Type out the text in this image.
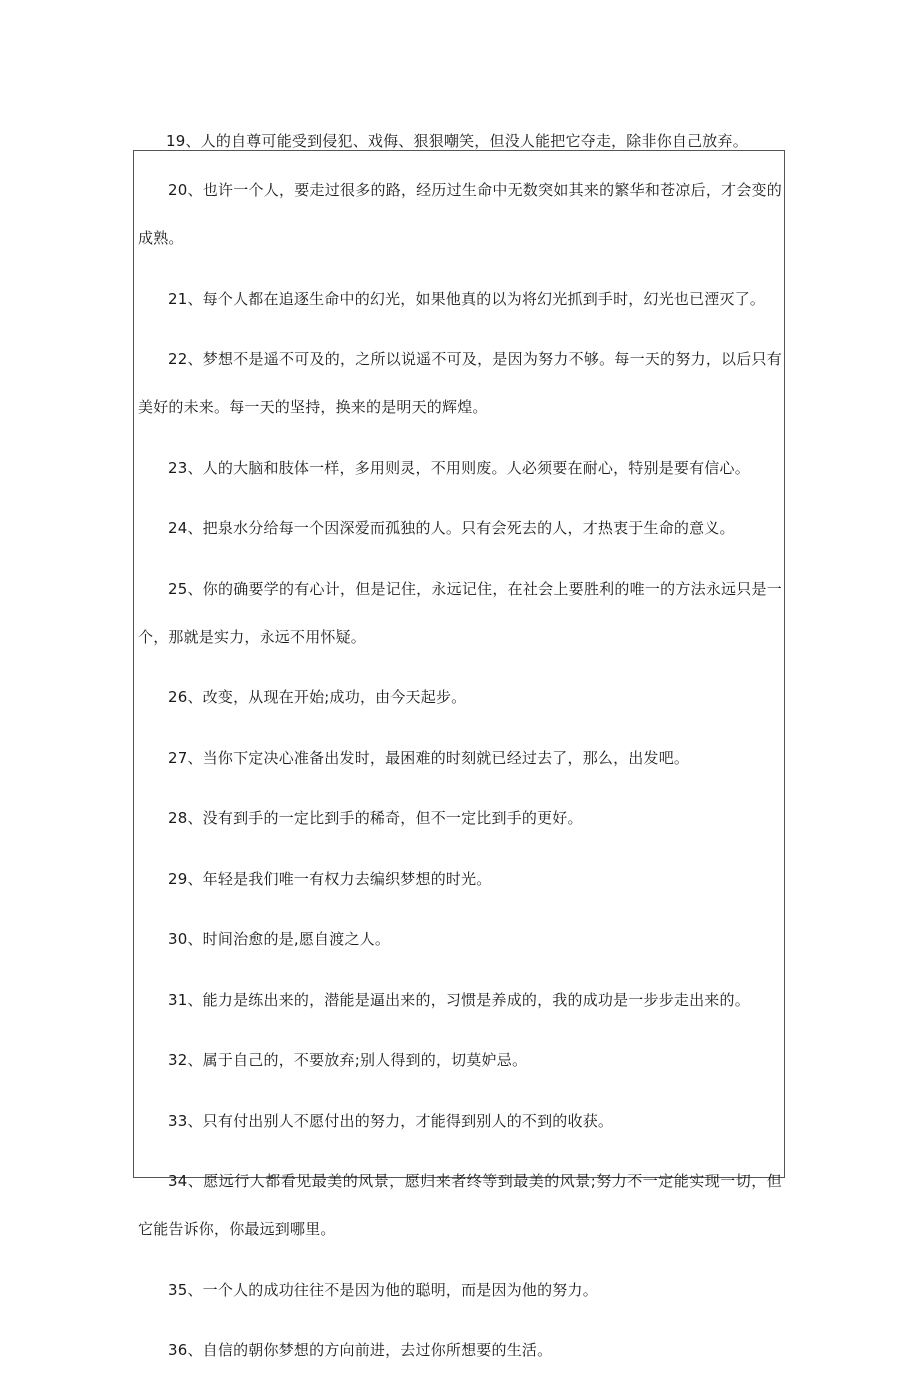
19、人的自尊可能受到侵犯、戏侮、狠狠嘲笑，但没人能把它夺走，除非你自己放弃。

20、也许一个人，要走过很多的路，经历过生命中无数突如其来的繁华和苍凉后，才会变的成熟。

21、每个人都在追逐生命中的幻光，如果他真的以为将幻光抓到手时，幻光也已湮灭了。

22、梦想不是遥不可及的，之所以说遥不可及，是因为努力不够。每一天的努力，以后只有美好的未来。每一天的坚持，换来的是明天的辉煌。

23、人的大脑和肢体一样，多用则灵，不用则废。人必须要在耐心，特别是要有信心。

24、把泉水分给每一个因深爱而孤独的人。只有会死去的人，才热衷于生命的意义。

25、你的确要学的有心计，但是记住，永远记住，在社会上要胜利的唯一的方法永远只是一个，那就是实力，永远不用怀疑。

26、改变，从现在开始;成功，由今天起步。

27、当你下定决心准备出发时，最困难的时刻就已经过去了，那么，出发吧。

28、没有到手的一定比到手的稀奇，但不一定比到手的更好。

29、年轻是我们唯一有权力去编织梦想的时光。

30、时间治愈的是,愿自渡之人。

31、能力是练出来的，潜能是逼出来的，习惯是养成的，我的成功是一步步走出来的。

32、属于自己的，不要放弃;别人得到的，切莫妒忌。

33、只有付出别人不愿付出的努力，才能得到别人的不到的收获。

34、愿远行人都看见最美的风景，愿归来者终等到最美的风景;努力不一定能实现一切，但它能告诉你，你最远到哪里。

35、一个人的成功往往不是因为他的聪明，而是因为他的努力。

36、自信的朝你梦想的方向前进，去过你所想要的生活。
